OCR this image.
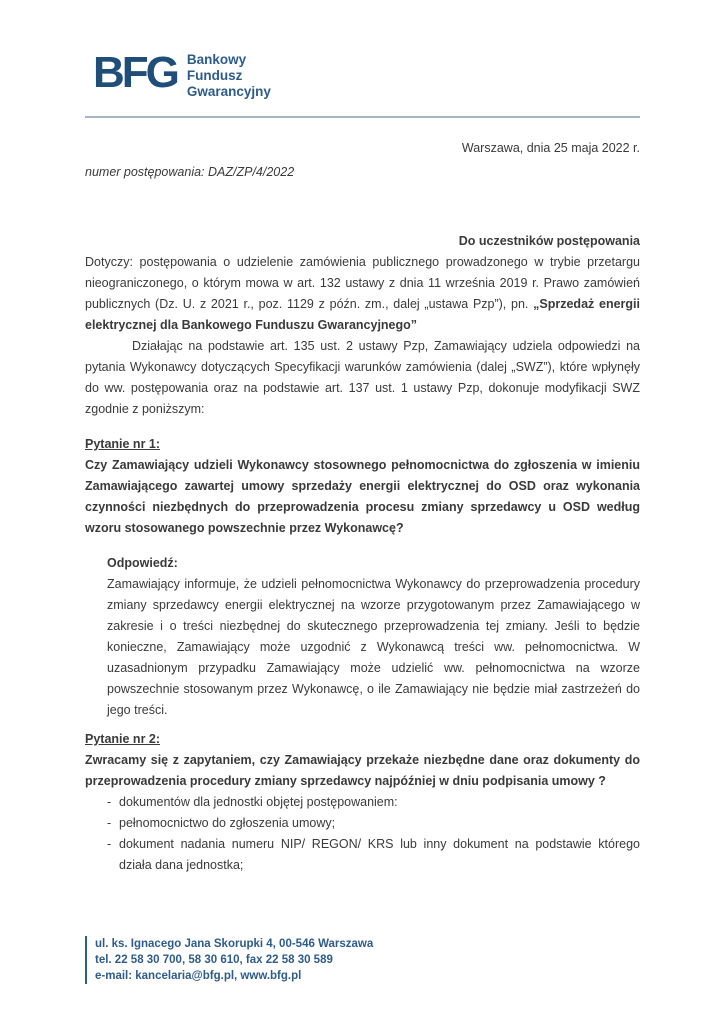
BFG Bankowy
Fundusz
Gwarancyjny
Warszawa, dnia 25 maja 2022 r.
numer postępowania: DAZ/ZP/4/2022
Do uczestników postępowania

Dotyczy: postępowania o udzielenie zamówienia publicznego prowadzonego w trybie przetargu nieograniczonego, o którym mowa w art. 132 ustawy z dnia 11 września 2019 r. Prawo zamówień publicznych (Dz. U. z 2021 r., poz. 1129 z późn. zm., dalej „ustawa Pzp”), pn. „Sprzedaż energii elektrycznej dla Bankowego Funduszu Gwarancyjnego”

Działając na podstawie art. 135 ust. 2 ustawy Pzp, Zamawiający udziela odpowiedzi na pytania Wykonawcy dotyczących Specyfikacji warunków zamówienia (dalej „SWZ”), które wpłynęły do ww. postępowania oraz na podstawie art. 137 ust. 1 ustawy Pzp, dokonuje modyfikacji SWZ zgodnie z poniższym:

Pytanie nr 1:

Czy Zamawiający udzieli Wykonawcy stosownego pełnomocnictwa do zgłoszenia w imieniu Zamawiającego zawartej umowy sprzedaży energii elektrycznej do OSD oraz wykonania czynności niezbędnych do przeprowadzenia procesu zmiany sprzedawcy u OSD według wzoru stosowanego powszechnie przez Wykonawcę?

Odpowiedź:

Zamawiający informuje, że udzieli pełnomocnictwa Wykonawcy do przeprowadzenia procedury zmiany sprzedawcy energii elektrycznej na wzorze przygotowanym przez Zamawiającego w zakresie i o treści niezbędnej do skutecznego przeprowadzenia tej zmiany. Jeśli to będzie konieczne, Zamawiający może uzgodnić z Wykonawcą treści ww. pełnomocnictwa. W uzasadnionym przypadku Zamawiający może udzielić ww. pełnomocnictwa na wzorze powszechnie stosowanym przez Wykonawcę, o ile Zamawiający nie będzie miał zastrzeżeń do jego treści.

Pytanie nr 2:

Zwracamy się z zapytaniem, czy Zamawiający przekaże niezbędne dane oraz dokumenty do przeprowadzenia procedury zmiany sprzedawcy najpóźniej w dniu podpisania umowy ?

- dokumentów dla jednostki objętej postępowaniem:
- pełnomocnictwo do zgłoszenia umowy;
- dokument nadania numeru NIP/ REGON/ KRS lub inny dokument na podstawie którego działa dana jednostka;
ul. ks. Ignacego Jana Skorupki 4, 00-546 Warszawa
tel. 22 58 30 700, 58 30 610, fax 22 58 30 589
e-mail: kancelaria@bfg.pl, www.bfg.pl
